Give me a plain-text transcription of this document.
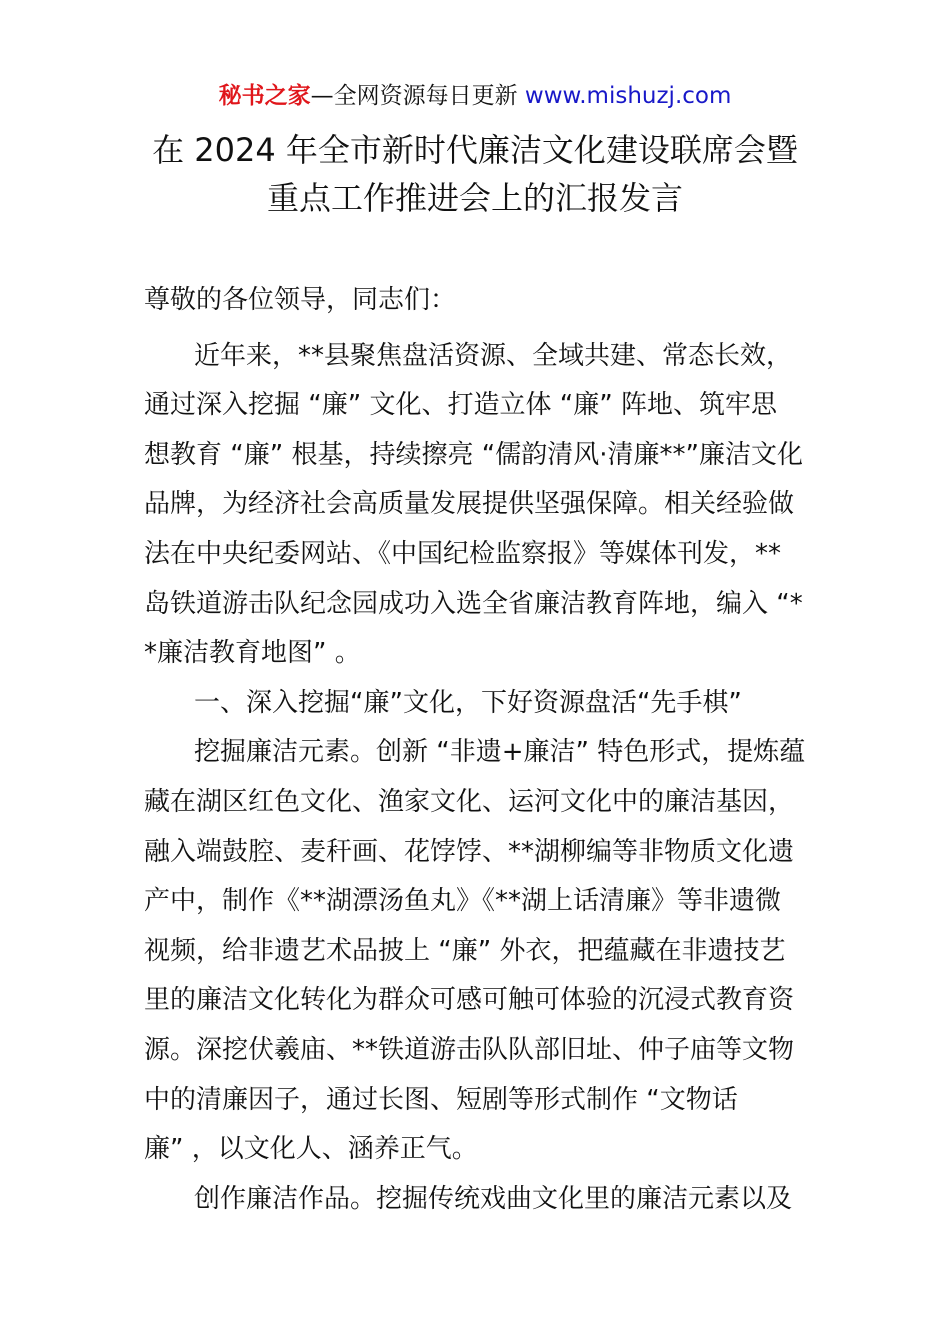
秘书之家—全网资源每日更新 www.mishuzj.com
在 2024 年全市新时代廉洁文化建设联席会暨
重点工作推进会上的汇报发言
尊敬的各位领导，同志们：
近年来，**县聚焦盘活资源、全域共建、常态长效，
通过深入挖掘 “廉” 文化、打造立体 “廉” 阵地、筑牢思
想教育 “廉” 根基，持续擦亮 “儒韵清风·清廉**”廉洁文化
品牌，为经济社会高质量发展提供坚强保障。相关经验做
法在中央纪委网站、《中国纪检监察报》等媒体刊发，**
岛铁道游击队纪念园成功入选全省廉洁教育阵地，编入 “*
*廉洁教育地图” 。
一、深入挖掘“廉”文化，下好资源盘活“先手棋”
挖掘廉洁元素。创新 “非遗+廉洁” 特色形式，提炼蕴
藏在湖区红色文化、渔家文化、运河文化中的廉洁基因，
融入端鼓腔、麦秆画、花饽饽、**湖柳编等非物质文化遗
产中，制作《**湖漂汤鱼丸》《**湖上话清廉》等非遗微
视频，给非遗艺术品披上 “廉” 外衣，把蕴藏在非遗技艺
里的廉洁文化转化为群众可感可触可体验的沉浸式教育资
源。深挖伏羲庙、**铁道游击队队部旧址、仲子庙等文物
中的清廉因子，通过长图、短剧等形式制作 “文物话
廉” ，以文化人、涵养正气。
创作廉洁作品。挖掘传统戏曲文化里的廉洁元素以及
